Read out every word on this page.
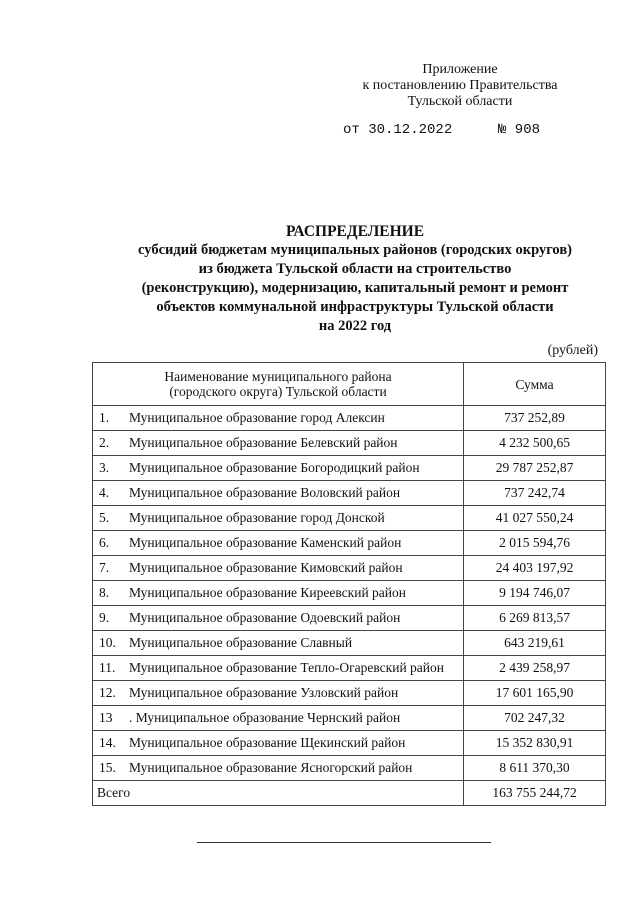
Приложение
к постановлению Правительства
Тульской области
от 30.12.2022	№ 908
РАСПРЕДЕЛЕНИЕ
субсидий бюджетам муниципальных районов (городских округов)
из бюджета Тульской области на строительство
(реконструкцию), модернизацию, капитальный ремонт и ремонт
объектов коммунальной инфраструктуры Тульской области
на 2022 год
(рублей)
Наименование муниципального района
(городского округа) Тульской области		Сумма
1.	Муниципальное образование город Алексин	737 252,89
2.	Муниципальное образование Белевский район	4 232 500,65
3.	Муниципальное образование Богородицкий район	29 787 252,87
4.	Муниципальное образование Воловский район	737 242,74
5.	Муниципальное образование город Донской	41 027 550,24
6.	Муниципальное образование Каменский район	2 015 594,76
7.	Муниципальное образование Кимовский район	24 403 197,92
8.	Муниципальное образование Киреевский район	9 194 746,07
9.	Муниципальное образование Одоевский район	6 269 813,57
10.	Муниципальное образование Славный	643 219,61
11.	Муниципальное образование Тепло-Огаревский район	2 439 258,97
12.	Муниципальное образование Узловский район	17 601 165,90
13	. Муниципальное образование Чернский район	702 247,32
14.	Муниципальное образование Щекинский район	15 352 830,91
15.	Муниципальное образование Ясногорский район	8 611 370,30
Всего		163 755 244,72
